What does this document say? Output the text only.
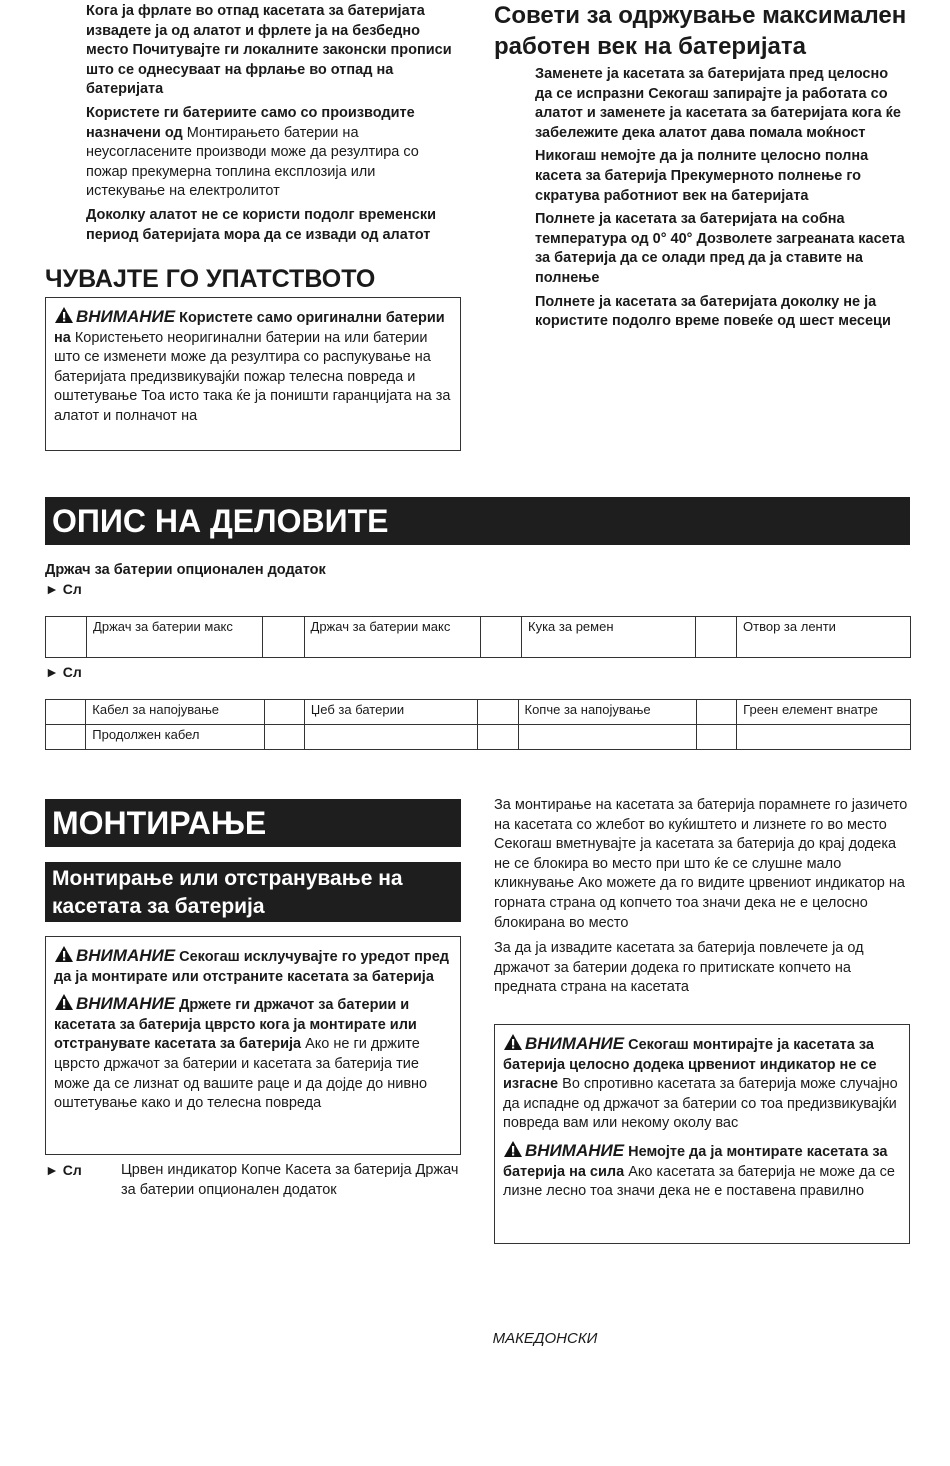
Кога ја фрлате во отпад касетата за батеријата извадете ја од алатот и фрлете ја на безбедно место Почитувајте ги локалните законски прописи што се однесуваат на фрлање во отпад на батеријата

Користете ги батериите само со производите назначени од Монтирањето батерии на неусогласените производи може да резултира со пожар прекумерна топлина експлозија или истекување на електролитот

Доколку алатот не се користи подолг временски период батеријата мора да се извади од алатот

ЧУВАЈТЕ ГО УПАТСТВОТО

ВНИМАНИЕ Користете само оригинални батерии на Користењето неоригинални батерии на или батерии што се изменети може да резултира со распукување на батеријата предизвикувајќи пожар телесна повреда и оштетување Тоа исто така ќе ја поништи гаранцијата на за алатот и полначот на

Совети за одржување максимален работен век на батеријата

Заменете ја касетата за батеријата пред целосно да се испразни Секогаш запирајте ја работата со алатот и заменете ја касетата за батеријата кога ќе забележите дека алатот дава помала моќност

Никогаш немојте да ја полните целосно полна касета за батерија Прекумерното полнење го скратува работниот век на батеријата

Полнете ја касетата за батеријата на собна температура од 0° 40° Дозволете загреаната касета за батерија да се олади пред да ја ставите на полнење

Полнете ја касетата за батеријата доколку не ја користите подолго време повеќе од шест месеци

ОПИС НА ДЕЛОВИТЕ
Држач за батерии опционален додаток
► Сл
	Држач за батерии макс		Држач за батерии макс		Кука за ремен		Отвор за ленти
► Сл
	Кабел за напојување		Џеб за батерии		Копче за напојување		Греен елемент внатре
	Продолжен кабел						
МОНТИРАЊЕ
Монтирање или отстранување на касетата за батерија

ВНИМАНИЕ Секогаш исклучувајте го уредот пред да ја монтирате или отстраните касетата за батерија

ВНИМАНИЕ Држете ги држачот за батерии и касетата за батерија цврсто кога ја монтирате или отстранувате касетата за батерија Ако не ги држите цврсто држачот за батерии и касетата за батерија тие може да се лизнат од вашите раце и да дојде до нивно оштетување како и до телесна повреда

► Сл	Црвен индикатор Копче Касета за батерија Држач за батерии опционален додаток

За монтирање на касетата за батерија порамнете го јазичето на касетата со жлебот во куќиштето и лизнете го во место Секогаш вметнувајте ја касетата за батерија до крај додека не се блокира во место при што ќе се слушне мало кликнување Ако можете да го видите црвениот индикатор на горната страна од копчето тоа значи дека не е целосно блокирана во место

За да ја извадите касетата за батерија повлечете ја од држачот за батерии додека го притискате копчето на предната страна на касетата

ВНИМАНИЕ Секогаш монтирајте ја касетата за батерија целосно додека црвениот индикатор не се изгасне Во спротивно касетата за батерија може случајно да испадне од држачот за батерии со тоа предизвикувајќи повреда вам или некому околу вас

ВНИМАНИЕ Немојте да ја монтирате касетата за батерија на сила Ако касетата за батерија не може да се лизне лесно тоа значи дека не е поставена правилно

МАКЕДОНСКИ
